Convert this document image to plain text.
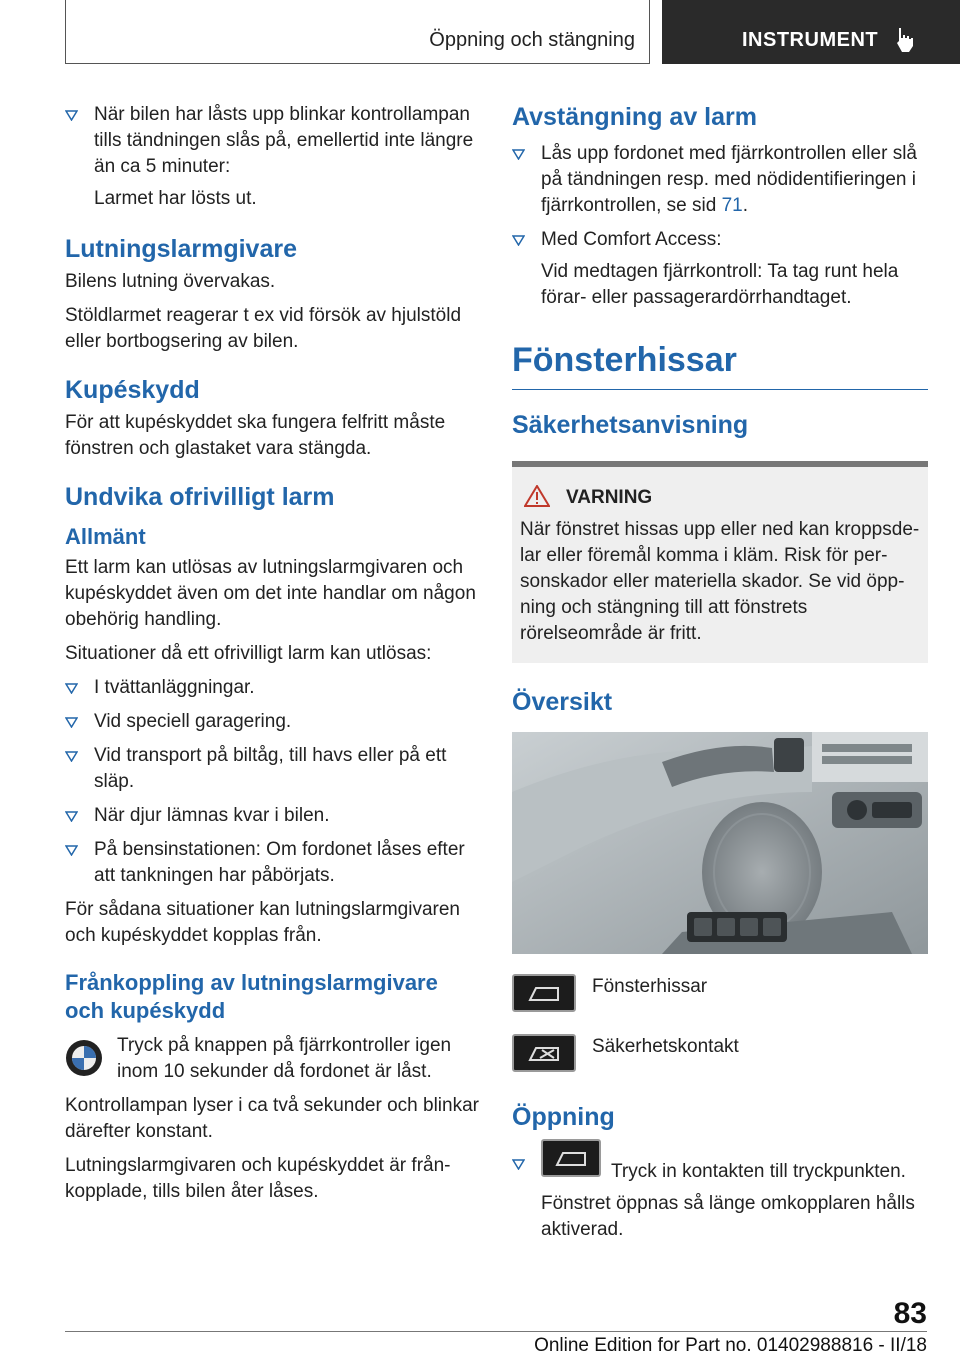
Öppning och stängning	INSTRUMENT
När bilen har låsts upp blinkar kontrollampan tills tändningen slås på, emellertid inte längre än ca 5 minuter:
Larmet har lösts ut.
Lutningslarmgivare
Bilens lutning övervakas.
Stöldlarmet reagerar t ex vid försök av hjulstöld eller bortbogsering av bilen.
Kupéskydd
För att kupéskyddet ska fungera felfritt måste fönstren och glastaket vara stängda.
Undvika ofrivilligt larm
Allmänt
Ett larm kan utlösas av lutningslarmgivaren och kupéskyddet även om det inte handlar om någon obehörig handling.
Situationer då ett ofrivilligt larm kan utlösas:
I tvättanläggningar.
Vid speciell garagering.
Vid transport på biltåg, till havs eller på ett släp.
När djur lämnas kvar i bilen.
På bensinstationen: Om fordonet låses efter att tankningen har påbörjats.
För sådana situationer kan lutningslarmgivaren och kupéskyddet kopplas från.
Frånkoppling av lutningslarmgivare och kupéskydd
Tryck på knappen på fjärrkontroller igen inom 10 sekunder då fordonet är låst.
Kontrollampan lyser i ca två sekunder och blinkar därefter konstant.
Lutningslarmgivaren och kupéskyddet är från-kopplade, tills bilen åter låses.
Avstängning av larm
Lås upp fordonet med fjärrkontrollen eller slå på tändningen resp. med nödidentifieringen i fjärrkontrollen, se sid 71.
Med Comfort Access:
Vid medtagen fjärrkontroll: Ta tag runt hela förar- eller passagerardörrhandtaget.
Fönsterhissar
Säkerhetsanvisning
VARNING
När fönstret hissas upp eller ned kan kroppsde-lar eller föremål komma i kläm. Risk för per-sonskador eller materiella skador. Se vid öpp-ning och stängning till att fönstrets rörelseområde är fritt.
Översikt
Fönsterhissar
Säkerhetskontakt
Öppning
Tryck in kontakten till tryckpunkten.
Fönstret öppnas så länge omkopplaren hålls aktiverad.
83
Online Edition for Part no. 01402988816 - II/18
